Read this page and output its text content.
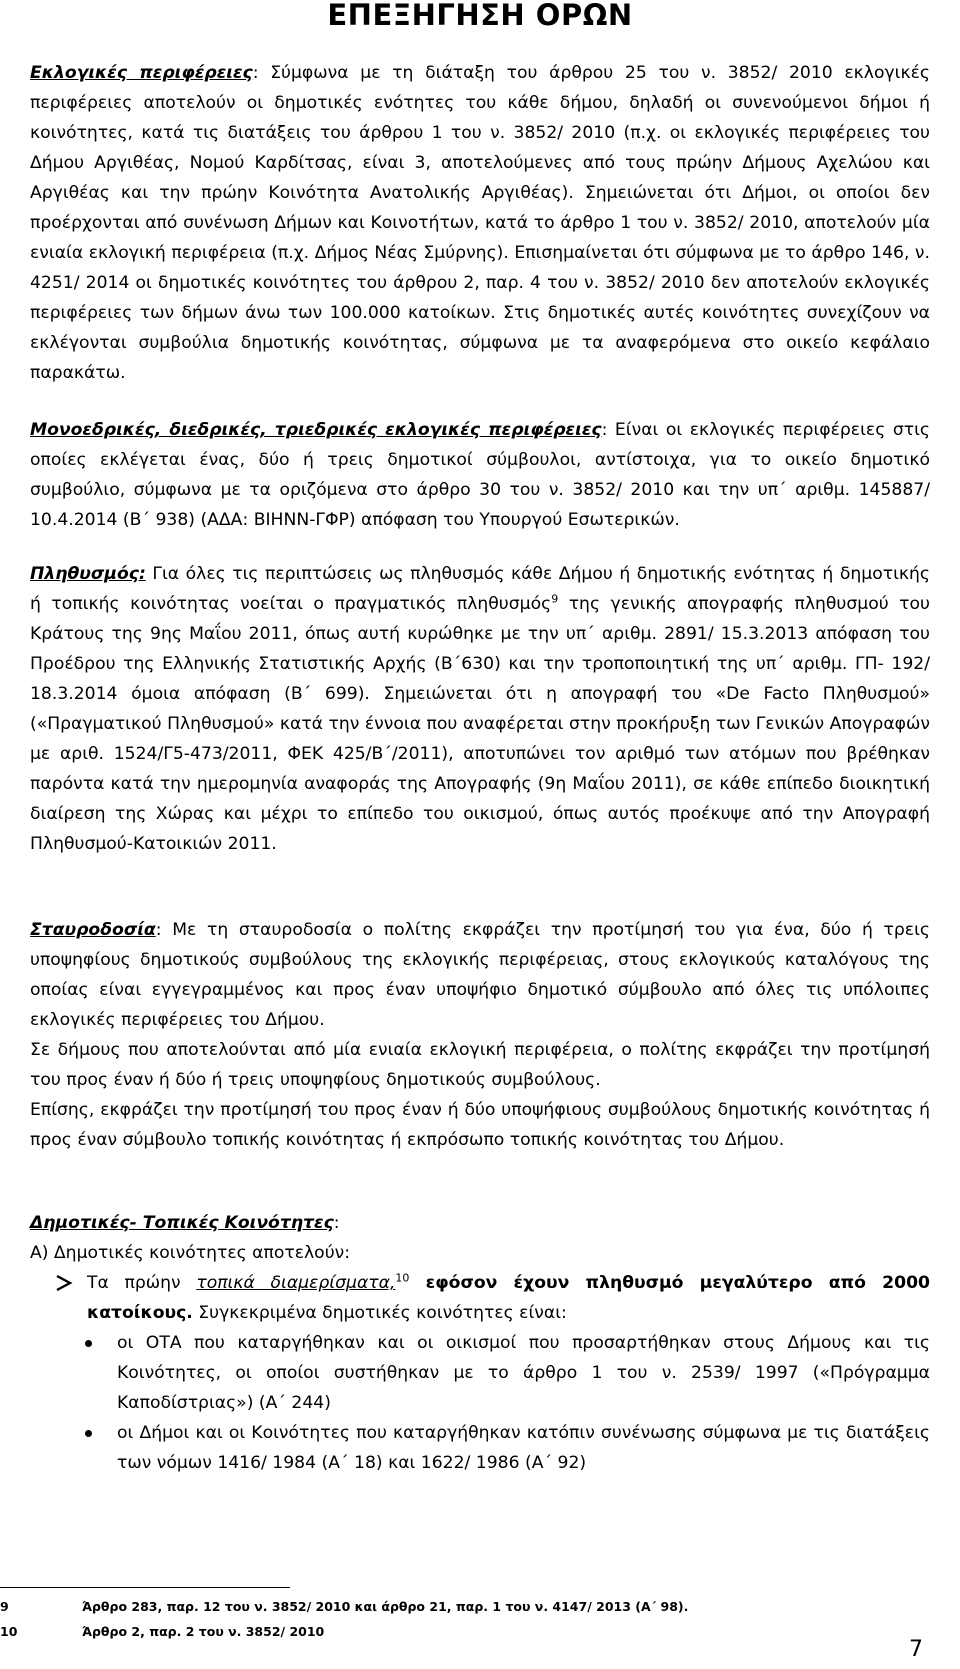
ΕΠΕΞΗΓΗΣΗ ΟΡΩΝ

Εκλογικές περιφέρειες: Σύμφωνα με τη διάταξη του άρθρου 25 του ν. 3852/ 2010 εκλογικές περιφέρειες αποτελούν οι δημοτικές ενότητες του κάθε δήμου, δηλαδή οι συνενούμενοι δήμοι ή κοινότητες, κατά τις διατάξεις του άρθρου 1 του ν. 3852/ 2010 (π.χ. οι εκλογικές περιφέρειες του Δήμου Αργιθέας, Νομού Καρδίτσας, είναι 3, αποτελούμενες από τους πρώην Δήμους Αχελώου και Αργιθέας και την πρώην Κοινότητα Ανατολικής Αργιθέας). Σημειώνεται ότι Δήμοι, οι οποίοι δεν προέρχονται από συνένωση Δήμων και Κοινοτήτων, κατά το άρθρο 1 του ν. 3852/ 2010, αποτελούν μία ενιαία εκλογική περιφέρεια (π.χ. Δήμος Νέας Σμύρνης). Επισημαίνεται ότι σύμφωνα με το άρθρο 146, ν. 4251/ 2014 οι δημοτικές κοινότητες του άρθρου 2, παρ. 4 του ν. 3852/ 2010 δεν αποτελούν εκλογικές περιφέρειες των δήμων άνω των 100.000 κατοίκων. Στις δημοτικές αυτές κοινότητες συνεχίζουν να εκλέγονται συμβούλια δημοτικής κοινότητας, σύμφωνα με τα αναφερόμενα στο οικείο κεφάλαιο παρακάτω.

Μονοεδρικές, διεδρικές, τριεδρικές εκλογικές περιφέρειες: Είναι οι εκλογικές περιφέρειες στις οποίες εκλέγεται ένας, δύο ή τρεις δημοτικοί σύμβουλοι, αντίστοιχα, για το οικείο δημοτικό συμβούλιο, σύμφωνα με τα οριζόμενα στο άρθρο 30 του ν. 3852/ 2010 και την υπ΄ αριθμ. 145887/ 10.4.2014 (Β΄ 938) (ΑΔΑ: ΒΙΗΝΝ-ΓΦΡ) απόφαση του Υπουργού Εσωτερικών.

Πληθυσμός: Για όλες τις περιπτώσεις ως πληθυσμός κάθε Δήμου ή δημοτικής ενότητας ή δημοτικής ή τοπικής κοινότητας νοείται ο πραγματικός πληθυσμός$^9$ της γενικής απογραφής πληθυσμού του Κράτους της 9ης Μαΐου 2011, όπως αυτή κυρώθηκε με την υπ΄ αριθμ. 2891/ 15.3.2013 απόφαση του Προέδρου της Ελληνικής Στατιστικής Αρχής (Β΄630) και την τροποποιητική της υπ΄ αριθμ. ΓΠ- 192/ 18.3.2014 όμοια απόφαση (Β΄ 699). Σημειώνεται ότι η απογραφή του «De Facto Πληθυσμού» («Πραγματικού Πληθυσμού» κατά την έννοια που αναφέρεται στην προκήρυξη των Γενικών Απογραφών με αριθ. 1524/Γ5-473/2011, ΦΕΚ 425/Β΄/2011), αποτυπώνει τον αριθμό των ατόμων που βρέθηκαν παρόντα κατά την ημερομηνία αναφοράς της Απογραφής (9η Μαΐου 2011), σε κάθε επίπεδο διοικητική διαίρεση της Χώρας και μέχρι το επίπεδο του οικισμού, όπως αυτός προέκυψε από την Απογραφή Πληθυσμού-Κατοικιών 2011.

Σταυροδοσία: Με τη σταυροδοσία ο πολίτης εκφράζει την προτίμησή του για ένα, δύο ή τρεις υποψηφίους δημοτικούς συμβούλους της εκλογικής περιφέρειας, στους εκλογικούς καταλόγους της οποίας είναι εγγεγραμμένος και προς έναν υποψήφιο δημοτικό σύμβουλο από όλες τις υπόλοιπες εκλογικές περιφέρειες του Δήμου.

Σε δήμους που αποτελούνται από μία ενιαία εκλογική περιφέρεια, ο πολίτης εκφράζει την προτίμησή του προς έναν ή δύο ή τρεις υποψηφίους δημοτικούς συμβούλους.

Επίσης, εκφράζει την προτίμησή του προς έναν ή δύο υποψήφιους συμβούλους δημοτικής κοινότητας ή προς έναν σύμβουλο τοπικής κοινότητας ή εκπρόσωπο τοπικής κοινότητας του Δήμου.

Δημοτικές- Τοπικές Κοινότητες:

Α) Δημοτικές κοινότητες αποτελούν:

Τα πρώην τοπικά διαμερίσματα,$^{10}$ εφόσον έχουν πληθυσμό μεγαλύτερο από 2000 κατοίκους. Συγκεκριμένα δημοτικές κοινότητες είναι:

οι ΟΤΑ που καταργήθηκαν και οι οικισμοί που προσαρτήθηκαν στους Δήμους και τις Κοινότητες, οι οποίοι συστήθηκαν με το άρθρο 1 του ν. 2539/ 1997 («Πρόγραμμα Καποδίστριας») (Α΄ 244)

οι Δήμοι και οι Κοινότητες που καταργήθηκαν κατόπιν συνένωσης σύμφωνα με τις διατάξεις των νόμων 1416/ 1984 (Α΄ 18) και 1622/ 1986 (Α΄ 92)

9	Άρθρο 283, παρ. 12 του ν. 3852/ 2010 και άρθρο 21, παρ. 1 του ν. 4147/ 2013 (Α΄ 98).
10	Άρθρο 2, παρ. 2 του ν. 3852/ 2010
7
